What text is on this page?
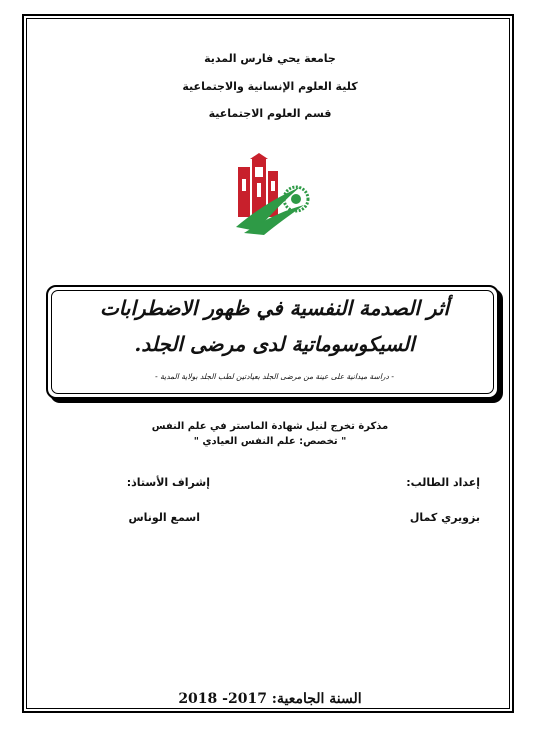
جامعة يحي فارس المدية
كلية العلوم الإنسانية والاجتماعية
قسم العلوم الاجتماعية
أثر الصدمة النفسية في ظهور الاضطرابات
السيكوسوماتية لدى مرضى الجلد.
- دراسة ميدانية على عينة من مرضى الجلد بعيادتين لطب الجلد بولاية المدية -
مذكرة تخرج لنيل شهادة الماستر في علم النفس
" تخصص: علم النفس العيادي "
إعداد الطالب:
بزويري كمال
إشراف الأستاذ:
اسمع الوناس
السنة الجامعية: 2017- 2018
